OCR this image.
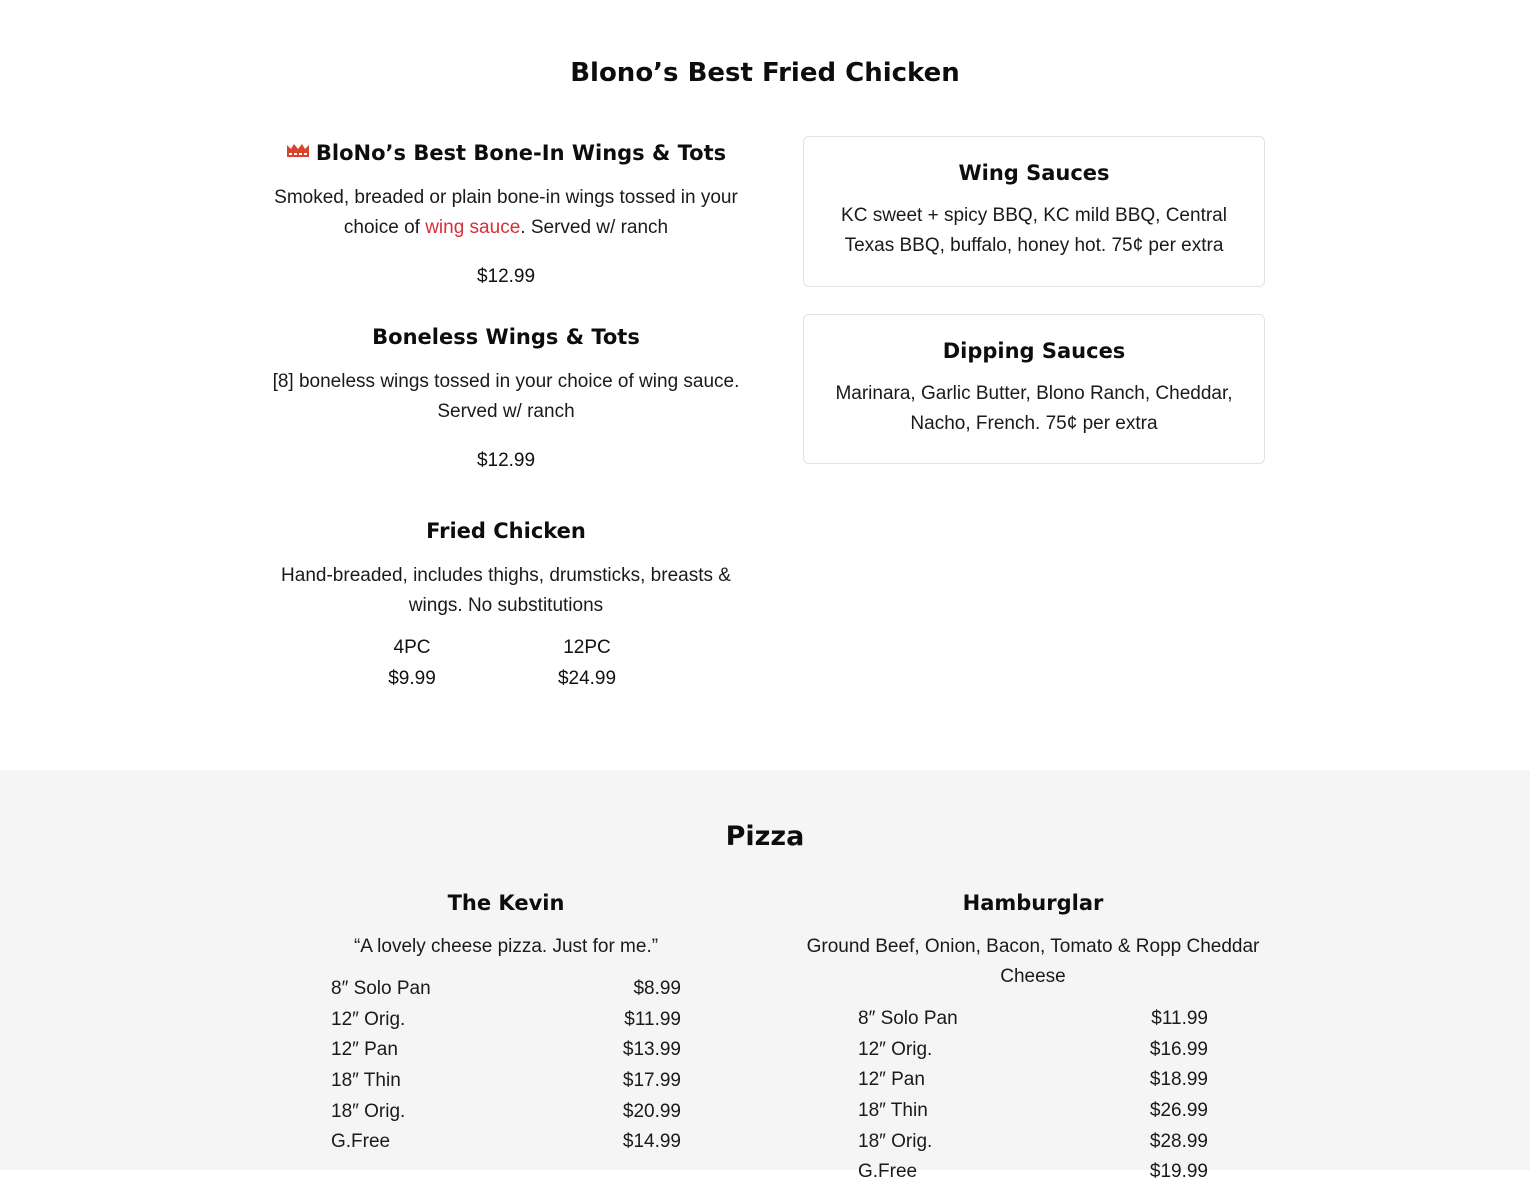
Blono’s Best Fried Chicken
BloNo’s Best Bone-In Wings & Tots
Smoked, breaded or plain bone-in wings tossed in your choice of wing sauce. Served w/ ranch
$12.99
Boneless Wings & Tots
[8] boneless wings tossed in your choice of wing sauce. Served w/ ranch
$12.99
Fried Chicken
Hand-breaded, includes thighs, drumsticks, breasts & wings. No substitutions
4PC
$9.99
12PC
$24.99
Wing Sauces
KC sweet + spicy BBQ, KC mild BBQ, Central Texas BBQ, buffalo, honey hot. 75¢ per extra
Dipping Sauces
Marinara, Garlic Butter, Blono Ranch, Cheddar, Nacho, French. 75¢ per extra
Pizza
The Kevin
“A lovely cheese pizza. Just for me.”
8″ Solo Pan	$8.99
12″ Orig.	$11.99
12″ Pan	$13.99
18″ Thin	$17.99
18″ Orig.	$20.99
G.Free	$14.99
Hamburglar
Ground Beef, Onion, Bacon, Tomato & Ropp Cheddar Cheese
8″ Solo Pan	$11.99
12″ Orig.	$16.99
12″ Pan	$18.99
18″ Thin	$26.99
18″ Orig.	$28.99
G.Free	$19.99
